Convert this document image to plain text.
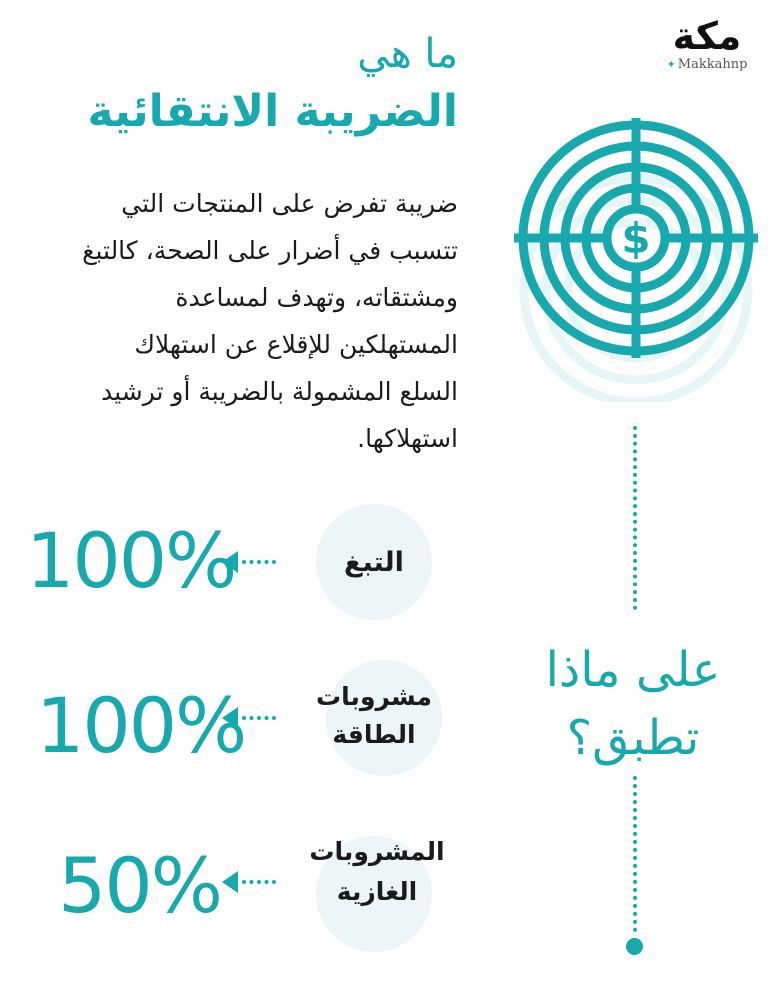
مكة
✦ Makkahnp
ما هي
الضريبة الانتقائية
ضريبة تفرض على المنتجات التي
تتسبب في أضرار على الصحة، كالتبغ
ومشتقاته، وتهدف لمساعدة
المستهلكين للإقلاع عن استهلاك
السلع المشمولة بالضريبة أو ترشيد
استهلاكها.
$
على ماذا
تطبق؟
التبغ
100%
مشروبات
الطاقة
100%
المشروبات
الغازية
50%
